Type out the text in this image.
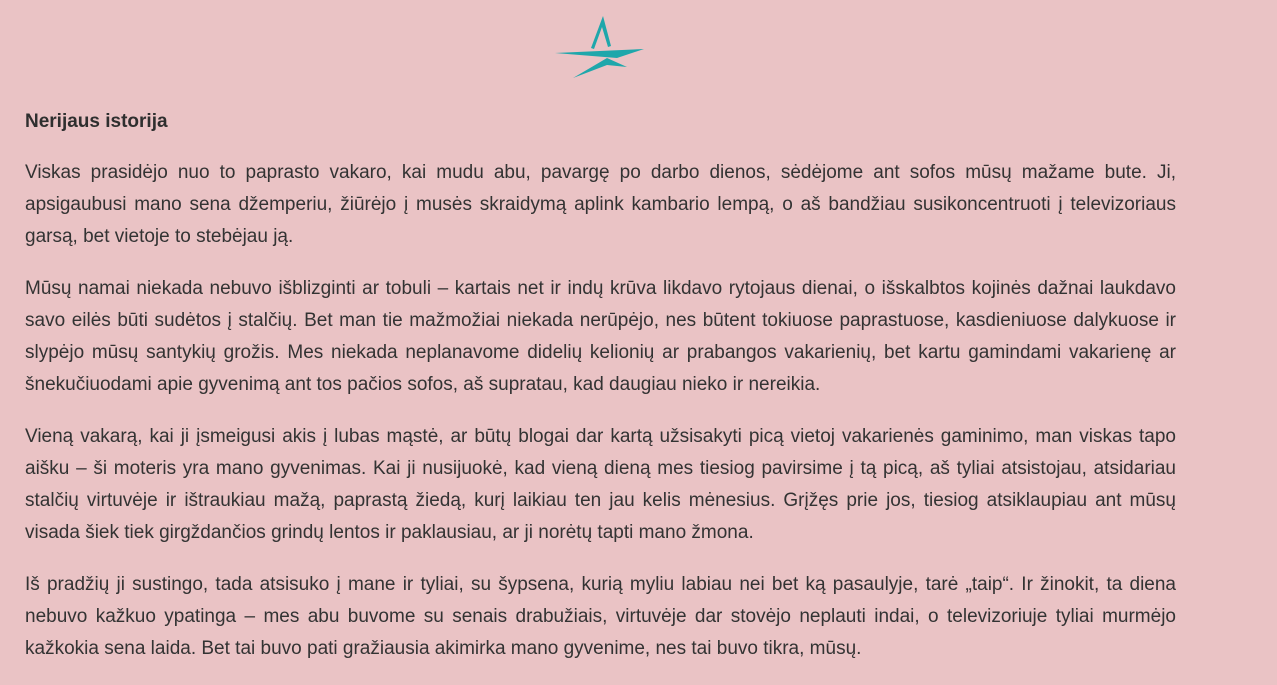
Nerijaus istorija

Viskas prasidėjo nuo to paprasto vakaro, kai mudu abu, pavargę po darbo dienos, sėdėjome ant sofos mūsų mažame bute. Ji, apsigaubusi mano sena džemperiu, žiūrėjo į musės skraidymą aplink kambario lempą, o aš bandžiau susikoncentruoti į televizoriaus garsą, bet vietoje to stebėjau ją.

Mūsų namai niekada nebuvo išblizginti ar tobuli – kartais net ir indų krūva likdavo rytojaus dienai, o išskalbtos kojinės dažnai laukdavo savo eilės būti sudėtos į stalčių. Bet man tie mažmožiai niekada nerūpėjo, nes būtent tokiuose paprastuose, kasdieniuose dalykuose ir slypėjo mūsų santykių grožis. Mes niekada neplanavome didelių kelionių ar prabangos vakarienių, bet kartu gamindami vakarienę ar šnekučiuodami apie gyvenimą ant tos pačios sofos, aš supratau, kad daugiau nieko ir nereikia.

Vieną vakarą, kai ji įsmeigusi akis į lubas mąstė, ar būtų blogai dar kartą užsisakyti picą vietoj vakarienės gaminimo, man viskas tapo aišku – ši moteris yra mano gyvenimas. Kai ji nusijuokė, kad vieną dieną mes tiesiog pavirsime į tą picą, aš tyliai atsistojau, atsidariau stalčių virtuvėje ir ištraukiau mažą, paprastą žiedą, kurį laikiau ten jau kelis mėnesius. Grįžęs prie jos, tiesiog atsiklaupiau ant mūsų visada šiek tiek girgždančios grindų lentos ir paklausiau, ar ji norėtų tapti mano žmona.

Iš pradžių ji sustingo, tada atsisuko į mane ir tyliai, su šypsena, kurią myliu labiau nei bet ką pasaulyje, tarė „taip“. Ir žinokit, ta diena nebuvo kažkuo ypatinga – mes abu buvome su senais drabužiais, virtuvėje dar stovėjo neplauti indai, o televizoriuje tyliai murmėjo kažkokia sena laida. Bet tai buvo pati gražiausia akimirka mano gyvenime, nes tai buvo tikra, mūsų.
